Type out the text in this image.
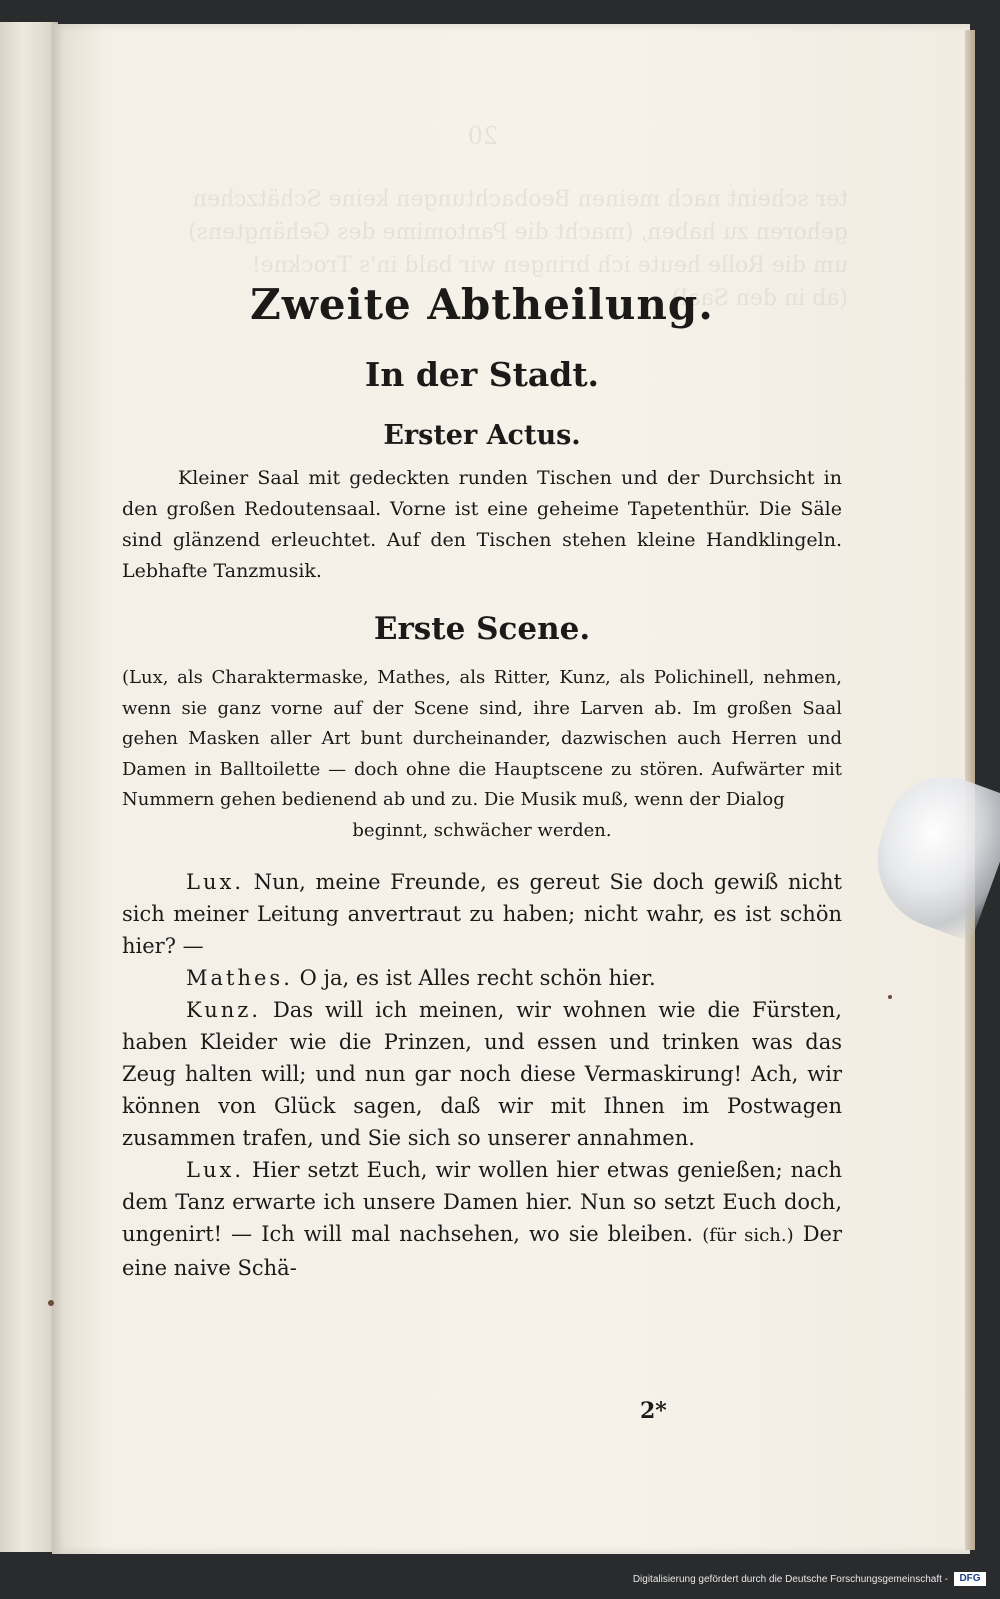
20
ter scheint nach meinen Beobachtungen keine Schätzchen
gehoren zu haben, (macht die Pantomime des Gehängtens)
um die Rolle heute ich bringen wir bald in's Trockne!
(ab in den Saal)
Zweite Abtheilung.
In der Stadt.
Erster Actus.

Kleiner Saal mit gedeckten runden Tischen und der Durchsicht in den großen Redoutensaal. Vorne ist eine geheime Tapetenthür. Die Säle sind glänzend erleuchtet. Auf den Tischen stehen kleine Handklingeln. Lebhafte Tanzmusik.

Erste Scene.

(Lux, als Charaktermaske, Mathes, als Ritter, Kunz, als Polichinell, nehmen, wenn sie ganz vorne auf der Scene sind, ihre Larven ab. Im großen Saal gehen Masken aller Art bunt durcheinander, dazwischen auch Herren und Damen in Balltoilette — doch ohne die Hauptscene zu stören. Aufwärter mit Nummern gehen bedienend ab und zu. Die Musik muß, wenn der Dialog

beginnt, schwächer werden.

Lux. Nun, meine Freunde, es gereut Sie doch gewiß nicht sich meiner Leitung anvertraut zu haben; nicht wahr, es ist schön hier? —

Mathes. O ja, es ist Alles recht schön hier.

Kunz. Das will ich meinen, wir wohnen wie die Fürsten, haben Kleider wie die Prinzen, und essen und trinken was das Zeug halten will; und nun gar noch diese Vermaskirung! Ach, wir können von Glück sagen, daß wir mit Ihnen im Postwagen zusammen trafen, und Sie sich so unserer annahmen.

Lux. Hier setzt Euch, wir wollen hier etwas genießen; nach dem Tanz erwarte ich unsere Damen hier. Nun so setzt Euch doch, ungenirt! — Ich will mal nachsehen, wo sie bleiben. (für sich.) Der eine naive Schä-

2*
Digitalisierung gefördert durch die Deutsche Forschungsgemeinschaft -	DFG
